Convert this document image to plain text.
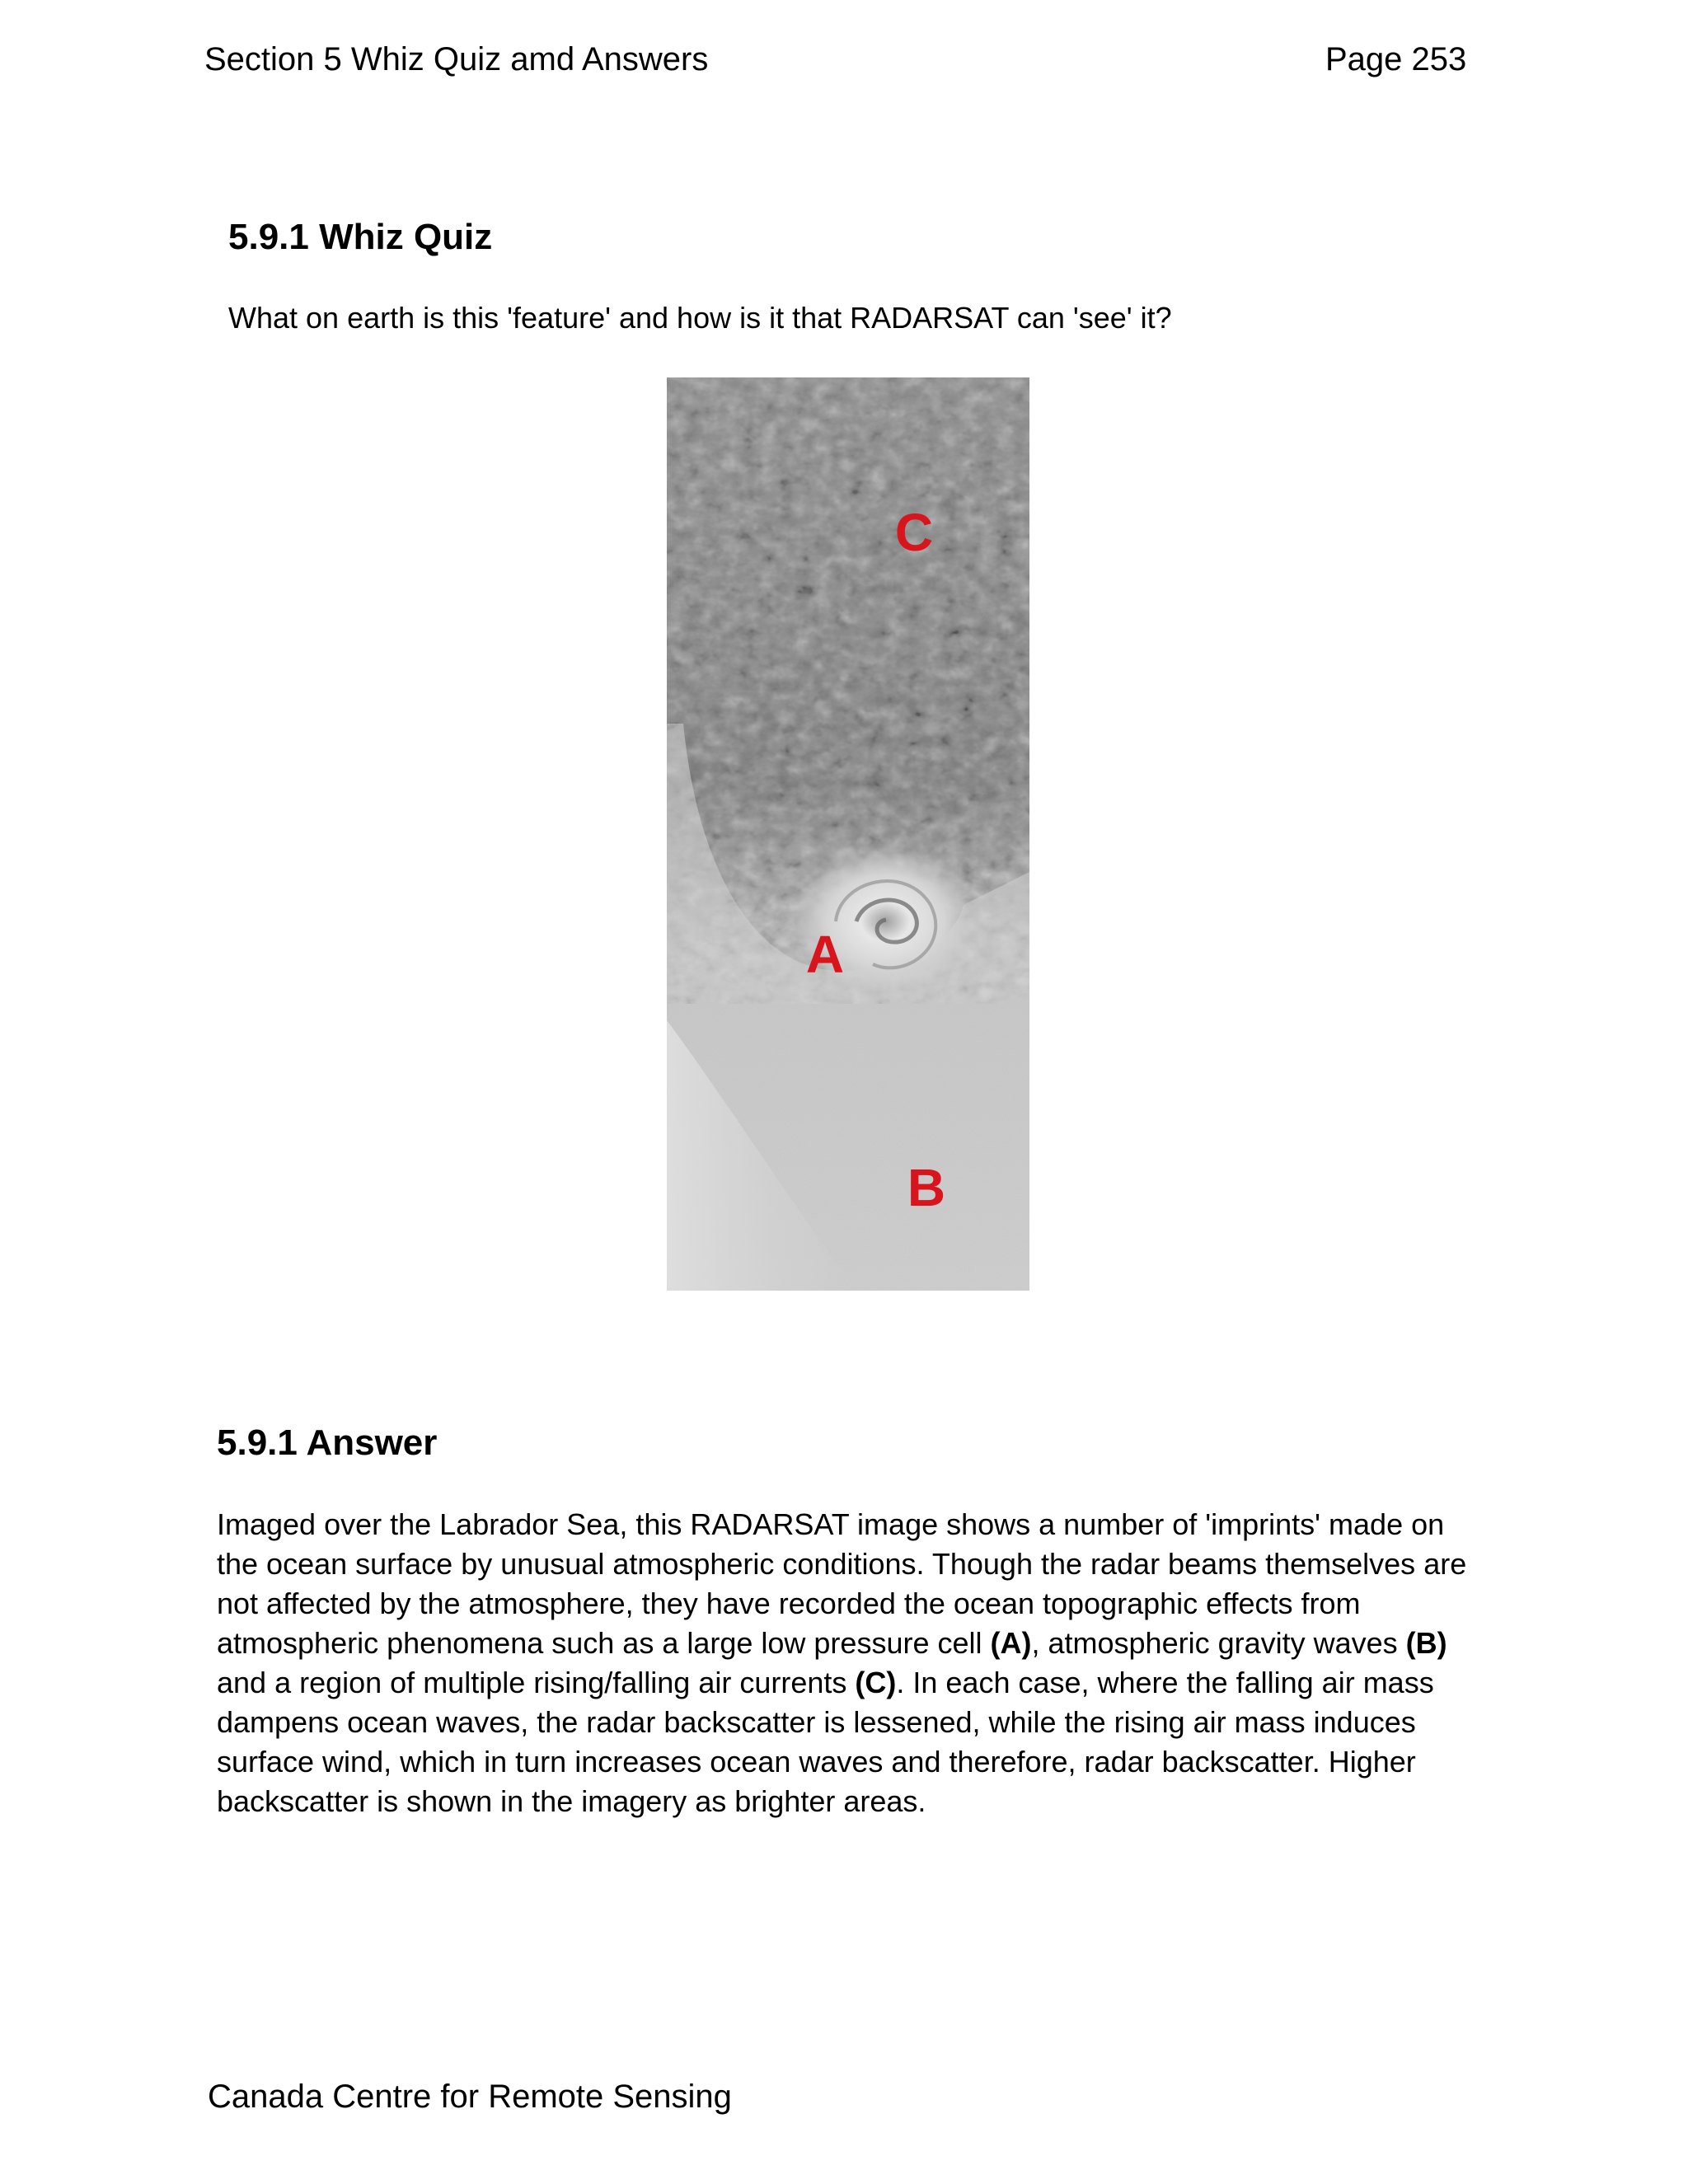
Section 5 Whiz Quiz amd Answers	Page 253
5.9.1 Whiz Quiz
What on earth is this 'feature' and how is it that RADARSAT can 'see' it?
C
A
B
5.9.1 Answer
Imaged over the Labrador Sea, this RADARSAT image shows a number of 'imprints' made on the ocean surface by unusual atmospheric conditions. Though the radar beams themselves are not affected by the atmosphere, they have recorded the ocean topographic effects from atmospheric phenomena such as a large low pressure cell (A), atmospheric gravity waves (B) and a region of multiple rising/falling air currents (C). In each case, where the falling air mass dampens ocean waves, the radar backscatter is lessened, while the rising air mass induces surface wind, which in turn increases ocean waves and therefore, radar backscatter. Higher backscatter is shown in the imagery as brighter areas.
Canada Centre for Remote Sensing
